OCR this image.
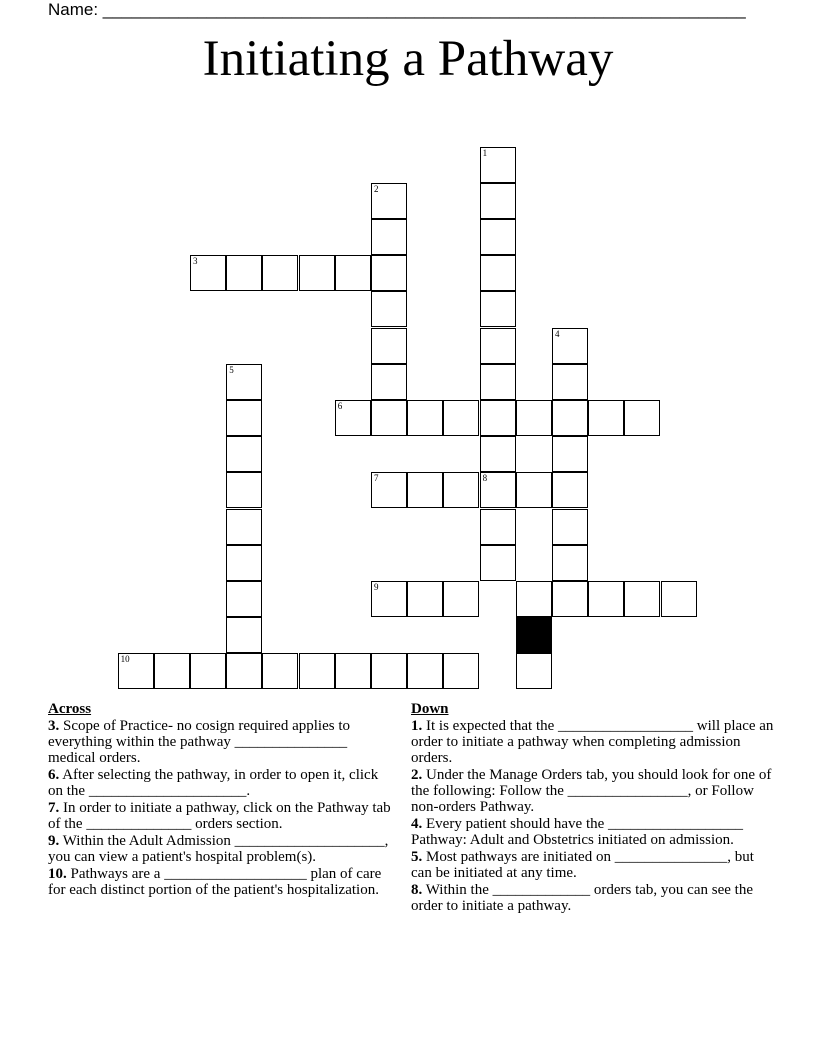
Name: ____________________________________________________________________
Initiating a Pathway
1
2
3
4
5
6
7	8
9
10
Across
3. Scope of Practice- no cosign required applies to everything within the pathway _______________ medical orders.
6. After selecting the pathway, in order to open it, click on the _____________________.
7. In order to initiate a pathway, click on the Pathway tab of the ______________ orders section.
9. Within the Adult Admission ____________________, you can view a patient's hospital problem(s).
10. Pathways are a ___________________ plan of care for each distinct portion of the patient's hospitalization.
Down
1. It is expected that the __________________ will place an order to initiate a pathway when completing admission orders.
2. Under the Manage Orders tab, you should look for one of the following: Follow the ________________, or Follow non-orders Pathway.
4. Every patient should have the __________________ Pathway: Adult and Obstetrics initiated on admission.
5. Most pathways are initiated on _______________, but can be initiated at any time.
8. Within the _____________ orders tab, you can see the order to initiate a pathway.
